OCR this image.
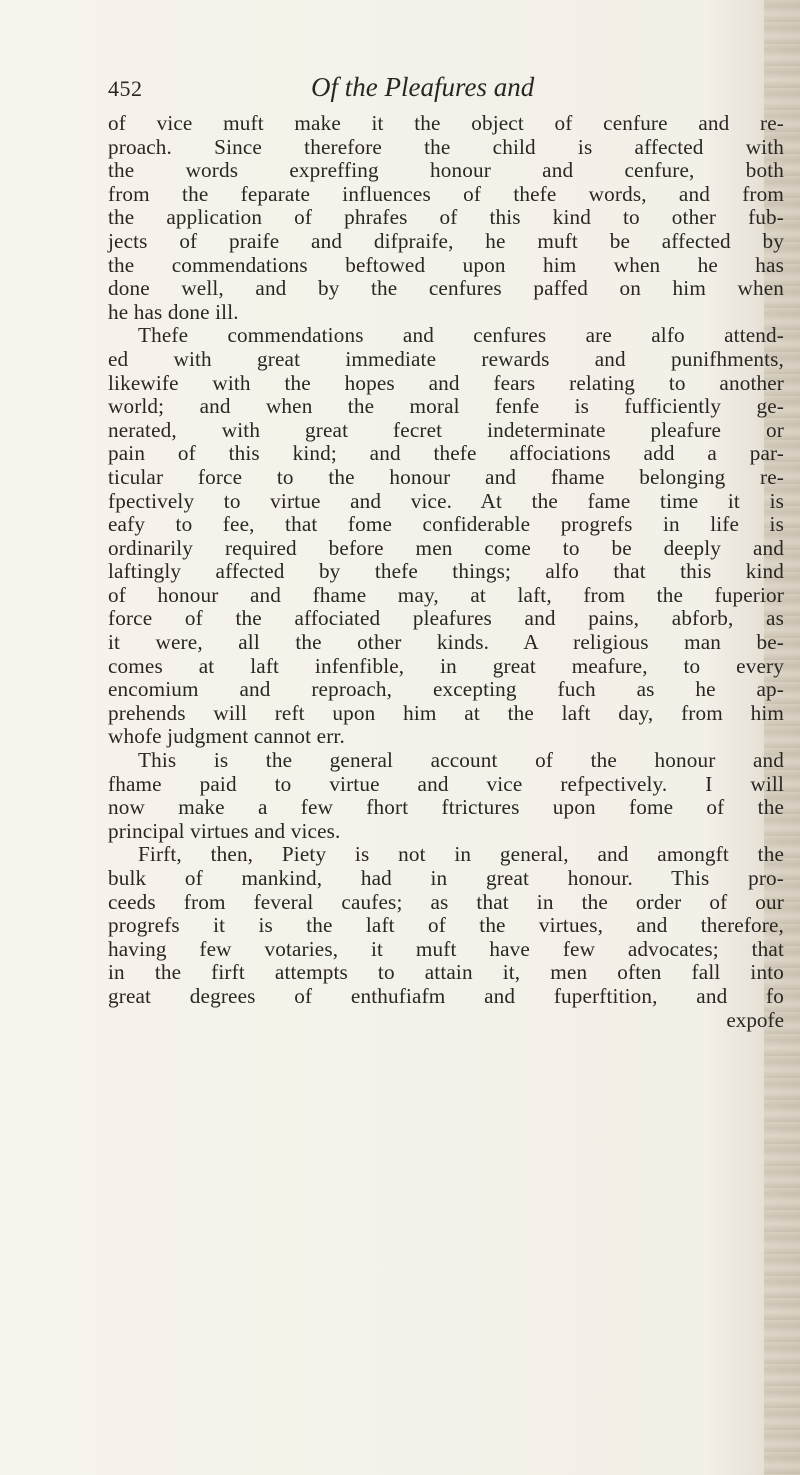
452	Of the Pleafures and
of vice muft make it the object of cenfure and re-
proach. Since therefore the child is affected with
the words expreffing honour and cenfure, both
from the feparate influences of thefe words, and from
the application of phrafes of this kind to other fub-
jects of praife and difpraife, he muft be affected by
the commendations beftowed upon him when he has
done well, and by the cenfures paffed on him when
he has done ill.
Thefe commendations and cenfures are alfo attend-
ed with great immediate rewards and punifhments,
likewife with the hopes and fears relating to another
world; and when the moral fenfe is fufficiently ge-
nerated, with great fecret indeterminate pleafure or
pain of this kind; and thefe affociations add a par-
ticular force to the honour and fhame belonging re-
fpectively to virtue and vice. At the fame time it is
eafy to fee, that fome confiderable progrefs in life is
ordinarily required before men come to be deeply and
laftingly affected by thefe things; alfo that this kind
of honour and fhame may, at laft, from the fuperior
force of the affociated pleafures and pains, abforb, as
it were, all the other kinds. A religious man be-
comes at laft infenfible, in great meafure, to every
encomium and reproach, excepting fuch as he ap-
prehends will reft upon him at the laft day, from him
whofe judgment cannot err.
This is the general account of the honour and
fhame paid to virtue and vice refpectively. I will
now make a few fhort ftrictures upon fome of the
principal virtues and vices.
Firft, then, Piety is not in general, and amongft the
bulk of mankind, had in great honour. This pro-
ceeds from feveral caufes; as that in the order of our
progrefs it is the laft of the virtues, and therefore,
having few votaries, it muft have few advocates; that
in the firft attempts to attain it, men often fall into
great degrees of enthufiafm and fuperftition, and fo
expofe
